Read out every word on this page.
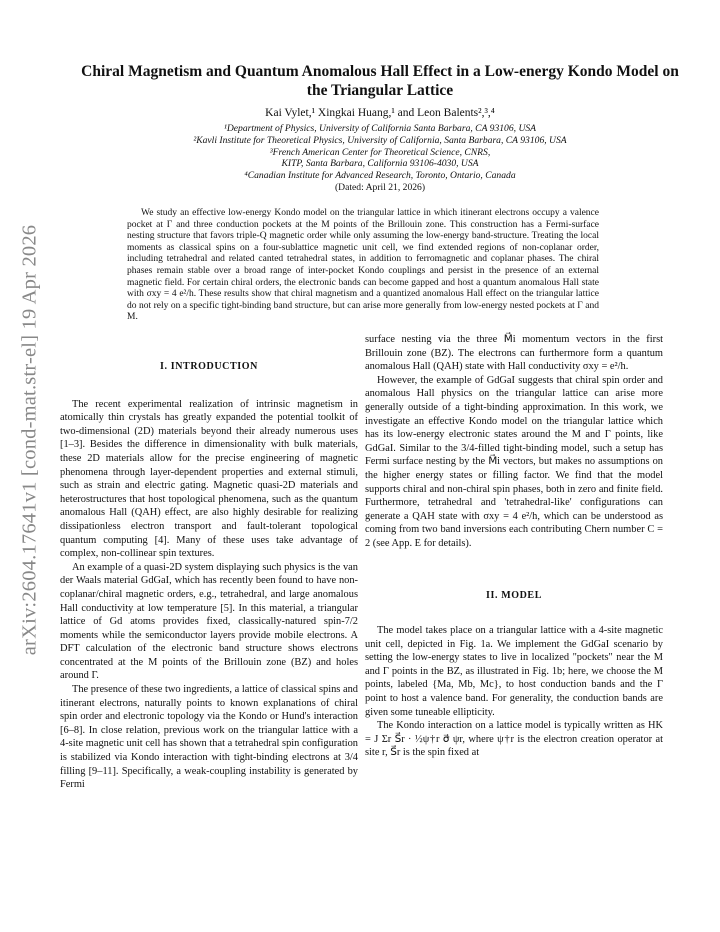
arXiv:2604.17641v1 [cond-mat.str-el] 19 Apr 2026
Chiral Magnetism and Quantum Anomalous Hall Effect in a Low-energy Kondo Model on the Triangular Lattice
Kai Vylet,¹ Xingkai Huang,¹ and Leon Balents²,³,⁴
¹Department of Physics, University of California Santa Barbara, CA 93106, USA
²Kavli Institute for Theoretical Physics, University of California, Santa Barbara, CA 93106, USA
³French American Center for Theoretical Science, CNRS,
KITP, Santa Barbara, California 93106-4030, USA
⁴Canadian Institute for Advanced Research, Toronto, Ontario, Canada
(Dated: April 21, 2026)

We study an effective low-energy Kondo model on the triangular lattice in which itinerant electrons occupy a valence pocket at Γ and three conduction pockets at the M points of the Brillouin zone. This construction has a Fermi-surface nesting structure that favors triple-Q magnetic order while only assuming the low-energy band-structure. Treating the local moments as classical spins on a four-sublattice magnetic unit cell, we find extended regions of non-coplanar order, including tetrahedral and related canted tetrahedral states, in addition to ferromagnetic and coplanar phases. The chiral phases remain stable over a broad range of inter-pocket Kondo couplings and persist in the presence of an external magnetic field. For certain chiral orders, the electronic bands can become gapped and host a quantum anomalous Hall state with σxy = 4 e²/h. These results show that chiral magnetism and a quantized anomalous Hall effect on the triangular lattice do not rely on a specific tight-binding band structure, but can arise more generally from low-energy nested pockets at Γ and M.

I. INTRODUCTION

The recent experimental realization of intrinsic magnetism in atomically thin crystals has greatly expanded the potential toolkit of two-dimensional (2D) materials beyond their already numerous uses [1–3]. Besides the difference in dimensionality with bulk materials, these 2D materials allow for the precise engineering of magnetic phenomena through layer-dependent properties and external stimuli, such as strain and electric gating. Magnetic quasi-2D materials and heterostructures that host topological phenomena, such as the quantum anomalous Hall (QAH) effect, are also highly desirable for realizing dissipationless electron transport and fault-tolerant topological quantum computing [4]. Many of these uses take advantage of complex, non-collinear spin textures.

An example of a quasi-2D system displaying such physics is the van der Waals material GdGaI, which has recently been found to have non-coplanar/chiral magnetic orders, e.g., tetrahedral, and large anomalous Hall conductivity at low temperature [5]. In this material, a triangular lattice of Gd atoms provides fixed, classically-natured spin-7/2 moments while the semiconductor layers provide mobile electrons. A DFT calculation of the electronic band structure shows electrons concentrated at the M points of the Brillouin zone (BZ) and holes around Γ.

The presence of these two ingredients, a lattice of classical spins and itinerant electrons, naturally points to known explanations of chiral spin order and electronic topology via the Kondo or Hund's interaction [6–8]. In close relation, previous work on the triangular lattice with a 4-site magnetic unit cell has shown that a tetrahedral spin configuration is stabilized via Kondo interaction with tight-binding electrons at 3/4 filling [9–11]. Specifically, a weak-coupling instability is generated by Fermi

surface nesting via the three M⃗i momentum vectors in the first Brillouin zone (BZ). The electrons can furthermore form a quantum anomalous Hall (QAH) state with Hall conductivity σxy = e²/h.

However, the example of GdGaI suggests that chiral spin order and anomalous Hall physics on the triangular lattice can arise more generally outside of a tight-binding approximation. In this work, we investigate an effective Kondo model on the triangular lattice which has its low-energy electronic states around the M and Γ points, like GdGaI. Similar to the 3/4-filled tight-binding model, such a setup has Fermi surface nesting by the M⃗i vectors, but makes no assumptions on the higher energy states or filling factor. We find that the model supports chiral and non-chiral spin phases, both in zero and finite field. Furthermore, tetrahedral and 'tetrahedral-like' configurations can generate a QAH state with σxy = 4 e²/h, which can be understood as coming from two band inversions each contributing Chern number C = 2 (see App. E for details).

II. MODEL

The model takes place on a triangular lattice with a 4-site magnetic unit cell, depicted in Fig. 1a. We implement the GdGaI scenario by setting the low-energy states to live in localized "pockets" near the M and Γ points in the BZ, as illustrated in Fig. 1b; here, we choose the M points, labeled {Ma, Mb, Mc}, to host conduction bands and the Γ point to host a valence band. For generality, the conduction bands are given some tuneable ellipticity.

The Kondo interaction on a lattice model is typically written as HK = J Σr S⃗r · ½ψ†r σ⃗ ψr, where ψ†r is the electron creation operator at site r, S⃗r is the spin fixed at
